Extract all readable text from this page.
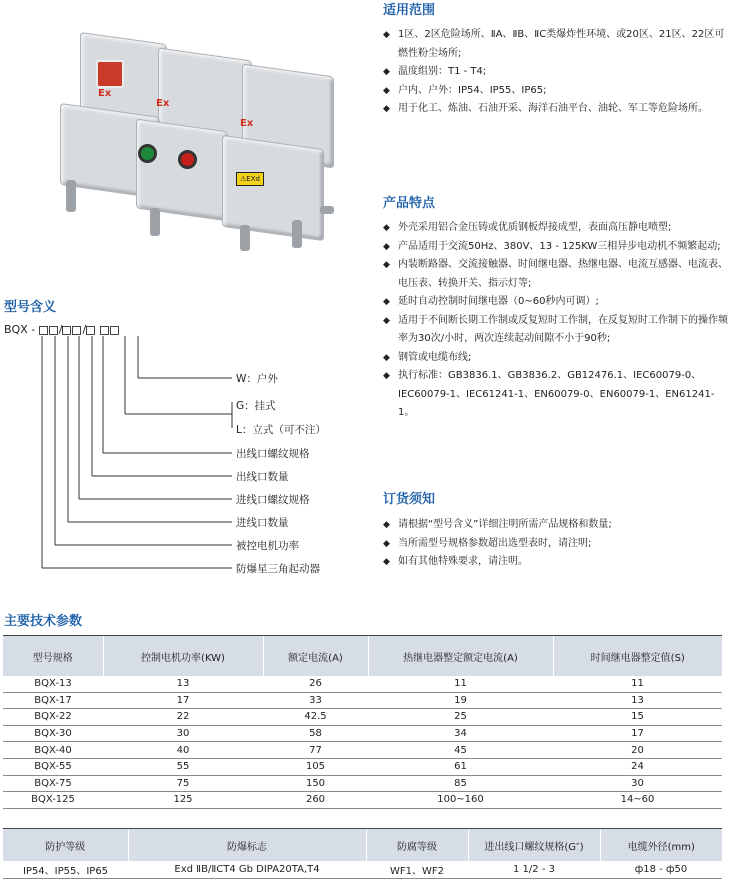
Ex
Ex
Ex
⚠EXd
适用范围
◆ 1区、2区危险场所、ⅡA、ⅡB、ⅡC类爆炸性环境、或20区、21区、22区可燃性粉尘场所;
◆ 温度组别：T1 - T4;
◆ 户内、户外：IP54、IP55、IP65;
◆ 用于化工、炼油、石油开采、海洋石油平台、油轮、军工等危险场所。
产品特点
◆ 外壳采用铝合金压铸或优质钢板焊接成型，表面高压静电喷塑;
◆ 产品适用于交流50Hz、380V、13 - 125KW三相异步电动机不频繁起动;
◆ 内装断路器、交流接触器、时间继电器、热继电器、电流互感器、电流表、电压表、转换开关、指示灯等;
◆ 延时自动控制时间继电器（0~60秒内可调）;
◆ 适用于不间断长期工作制或反复短时工作制，在反复短时工作制下的操作频率为30次/小时，两次连续起动间隙不小于90秒;
◆ 钢管或电缆布线;
◆ 执行标准：GB3836.1、GB3836.2、GB12476.1、IEC60079-0、IEC60079-1、IEC61241-1、EN60079-0、EN60079-1、EN61241-1。
订货须知
◆ 请根据“型号含义”详细注明所需产品规格和数量;
◆ 当所需型号规格参数超出选型表时，请注明;
◆ 如有其他特殊要求，请注明。
型号含义
BQX - / /
W：户外
G：挂式
L：立式（可不注）
出线口螺纹规格
出线口数量
进线口螺纹规格
进线口数量
被控电机功率
防爆星三角起动器
主要技术参数
型号规格	控制电机功率(KW)	额定电流(A)	热继电器整定额定电流(A)	时间继电器整定值(S)
BQX-13	13	26	11	11
BQX-17	17	33	19	13
BQX-22	22	42.5	25	15
BQX-30	30	58	34	17
BQX-40	40	77	45	20
BQX-55	55	105	61	24
BQX-75	75	150	85	30
BQX-125	125	260	100~160	14~60
防护等级	防爆标志	防腐等级	进出线口螺纹规格(G″)	电缆外径(mm)
IP54、IP55、IP65	Exd ⅡB/ⅡCT4 Gb DIPA20TA,T4	WF1、WF2	1 1/2 - 3	ф18 - ф50
